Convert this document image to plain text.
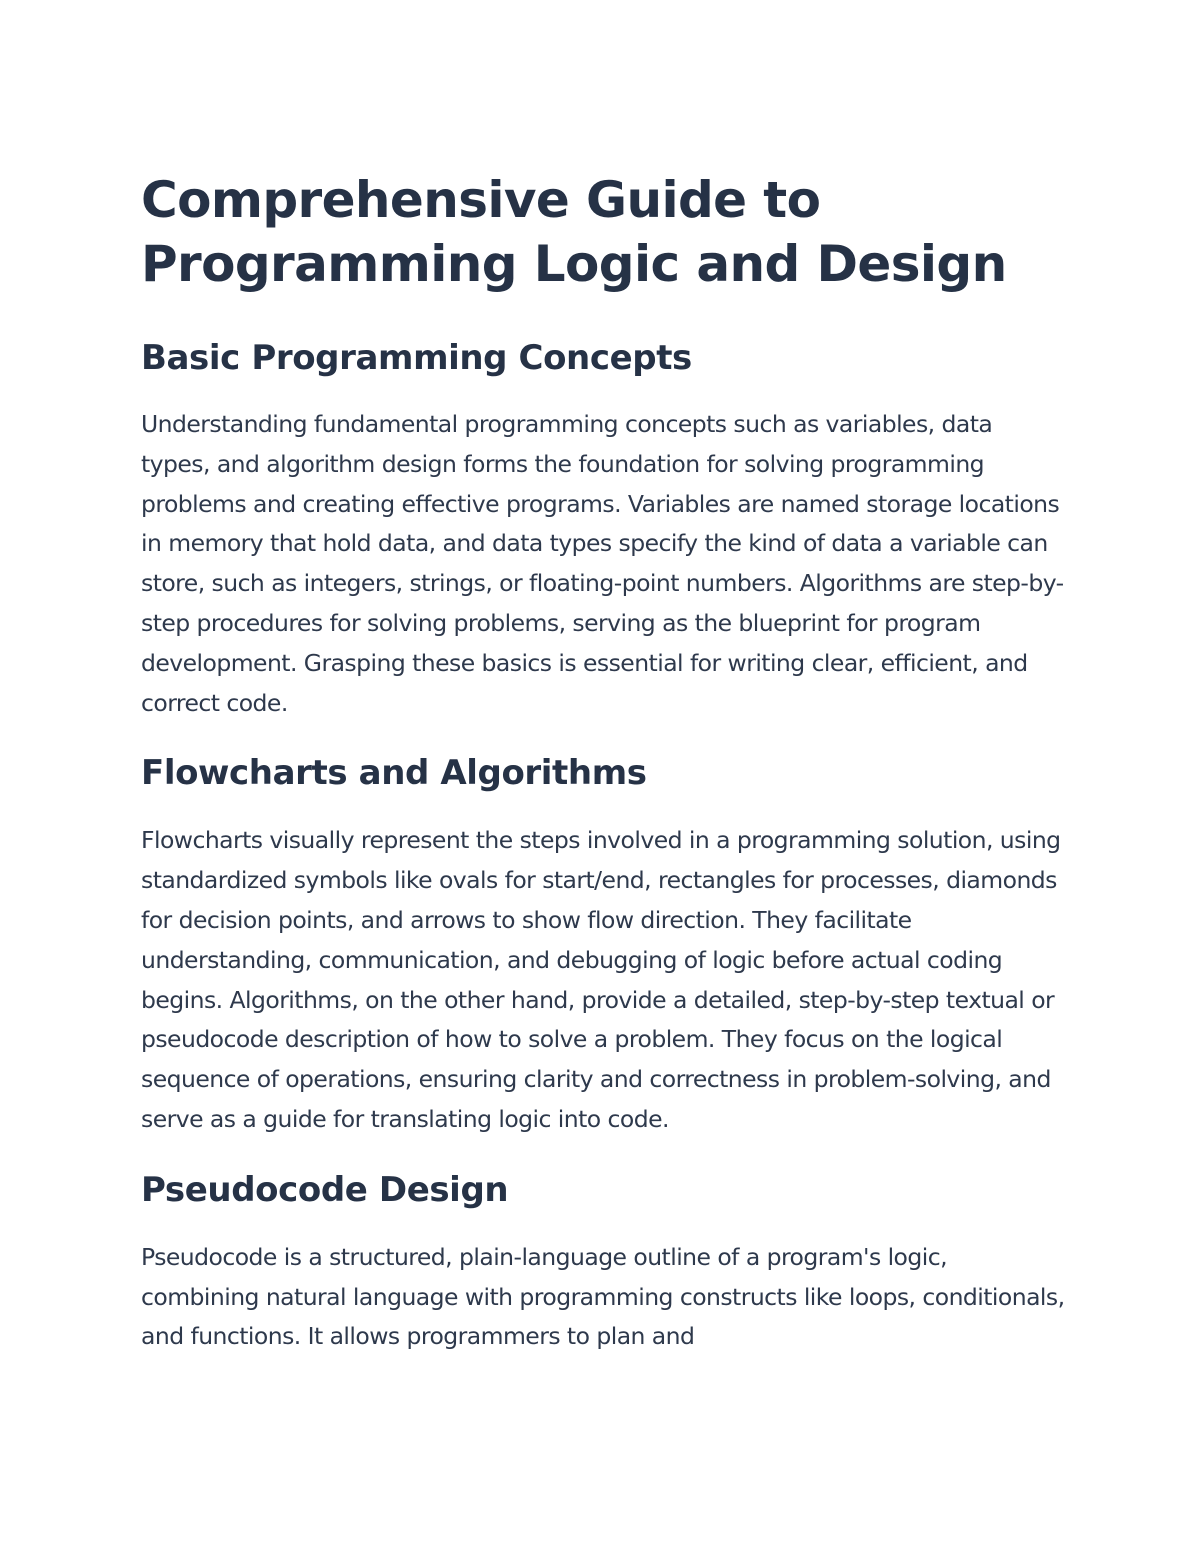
Comprehensive Guide to Programming Logic and Design
Basic Programming Concepts

Understanding fundamental programming concepts such as variables, data types, and algorithm design forms the foundation for solving programming problems and creating effective programs. Variables are named storage locations in memory that hold data, and data types specify the kind of data a variable can store, such as integers, strings, or floating-point numbers. Algorithms are step-by-step procedures for solving problems, serving as the blueprint for program development. Grasping these basics is essential for writing clear, efficient, and correct code.

Flowcharts and Algorithms

Flowcharts visually represent the steps involved in a programming solution, using standardized symbols like ovals for start/end, rectangles for processes, diamonds for decision points, and arrows to show flow direction. They facilitate understanding, communication, and debugging of logic before actual coding begins. Algorithms, on the other hand, provide a detailed, step-by-step textual or pseudocode description of how to solve a problem. They focus on the logical sequence of operations, ensuring clarity and correctness in problem-solving, and serve as a guide for translating logic into code.

Pseudocode Design

Pseudocode is a structured, plain-language outline of a program's logic, combining natural language with programming constructs like loops, conditionals, and functions. It allows programmers to plan and
